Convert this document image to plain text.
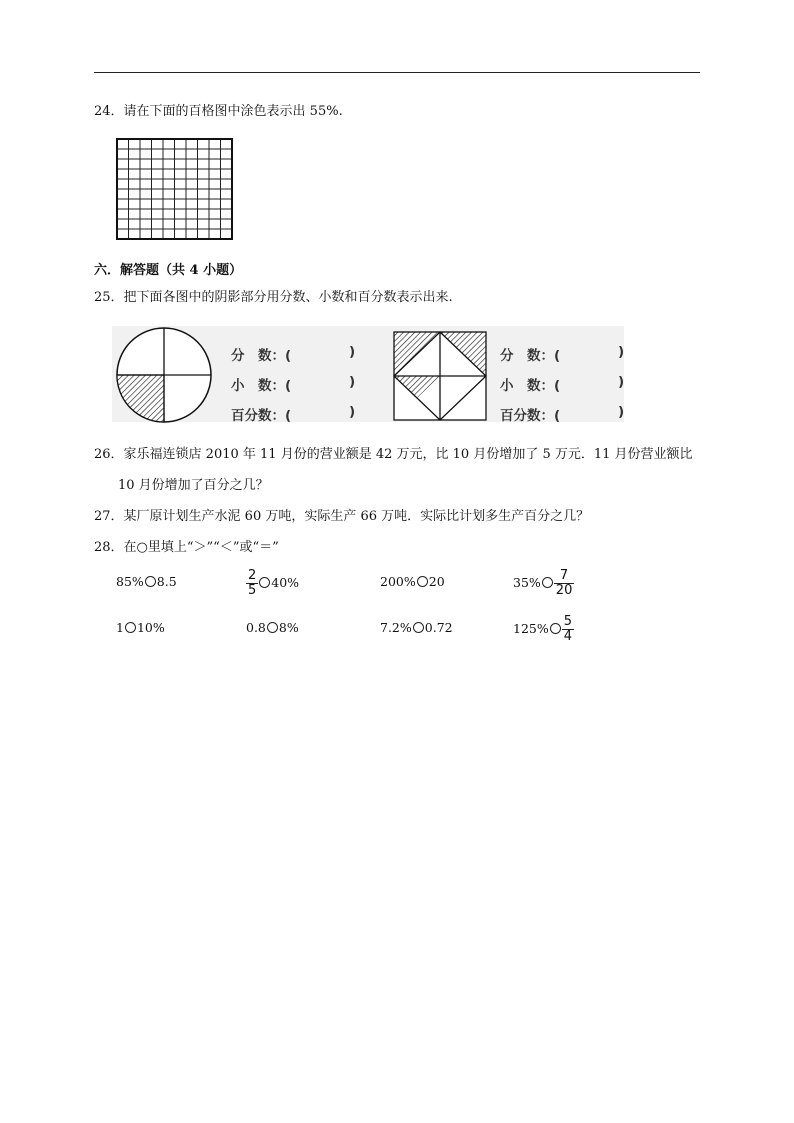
24．请在下面的百格图中涂色表示出 55%.
六．解答题（共 4 小题）
25．把下面各图中的阴影部分用分数、小数和百分数表示出来.
分　数：(	)
小　数：(	)
百分数：(	)
分　数：(	)
小　数：(	)
百分数：(	)
26．家乐福连锁店 2010 年 11 月份的营业额是 42 万元，比 10 月份增加了 5 万元．11 月份营业额比
10 月份增加了百分之几？
27．某厂原计划生产水泥 60 万吨，实际生产 66 万吨．实际比计划多生产百分之几？
28．在○里填上“＞”“＜”或“＝”
85% 8.5	$\frac{2}{5} 40\%$	200% 20	$35\% \frac{7}{20}$
1 10%	0.8 8%	7.2% 0.72	$125\% \frac{5}{4}$
